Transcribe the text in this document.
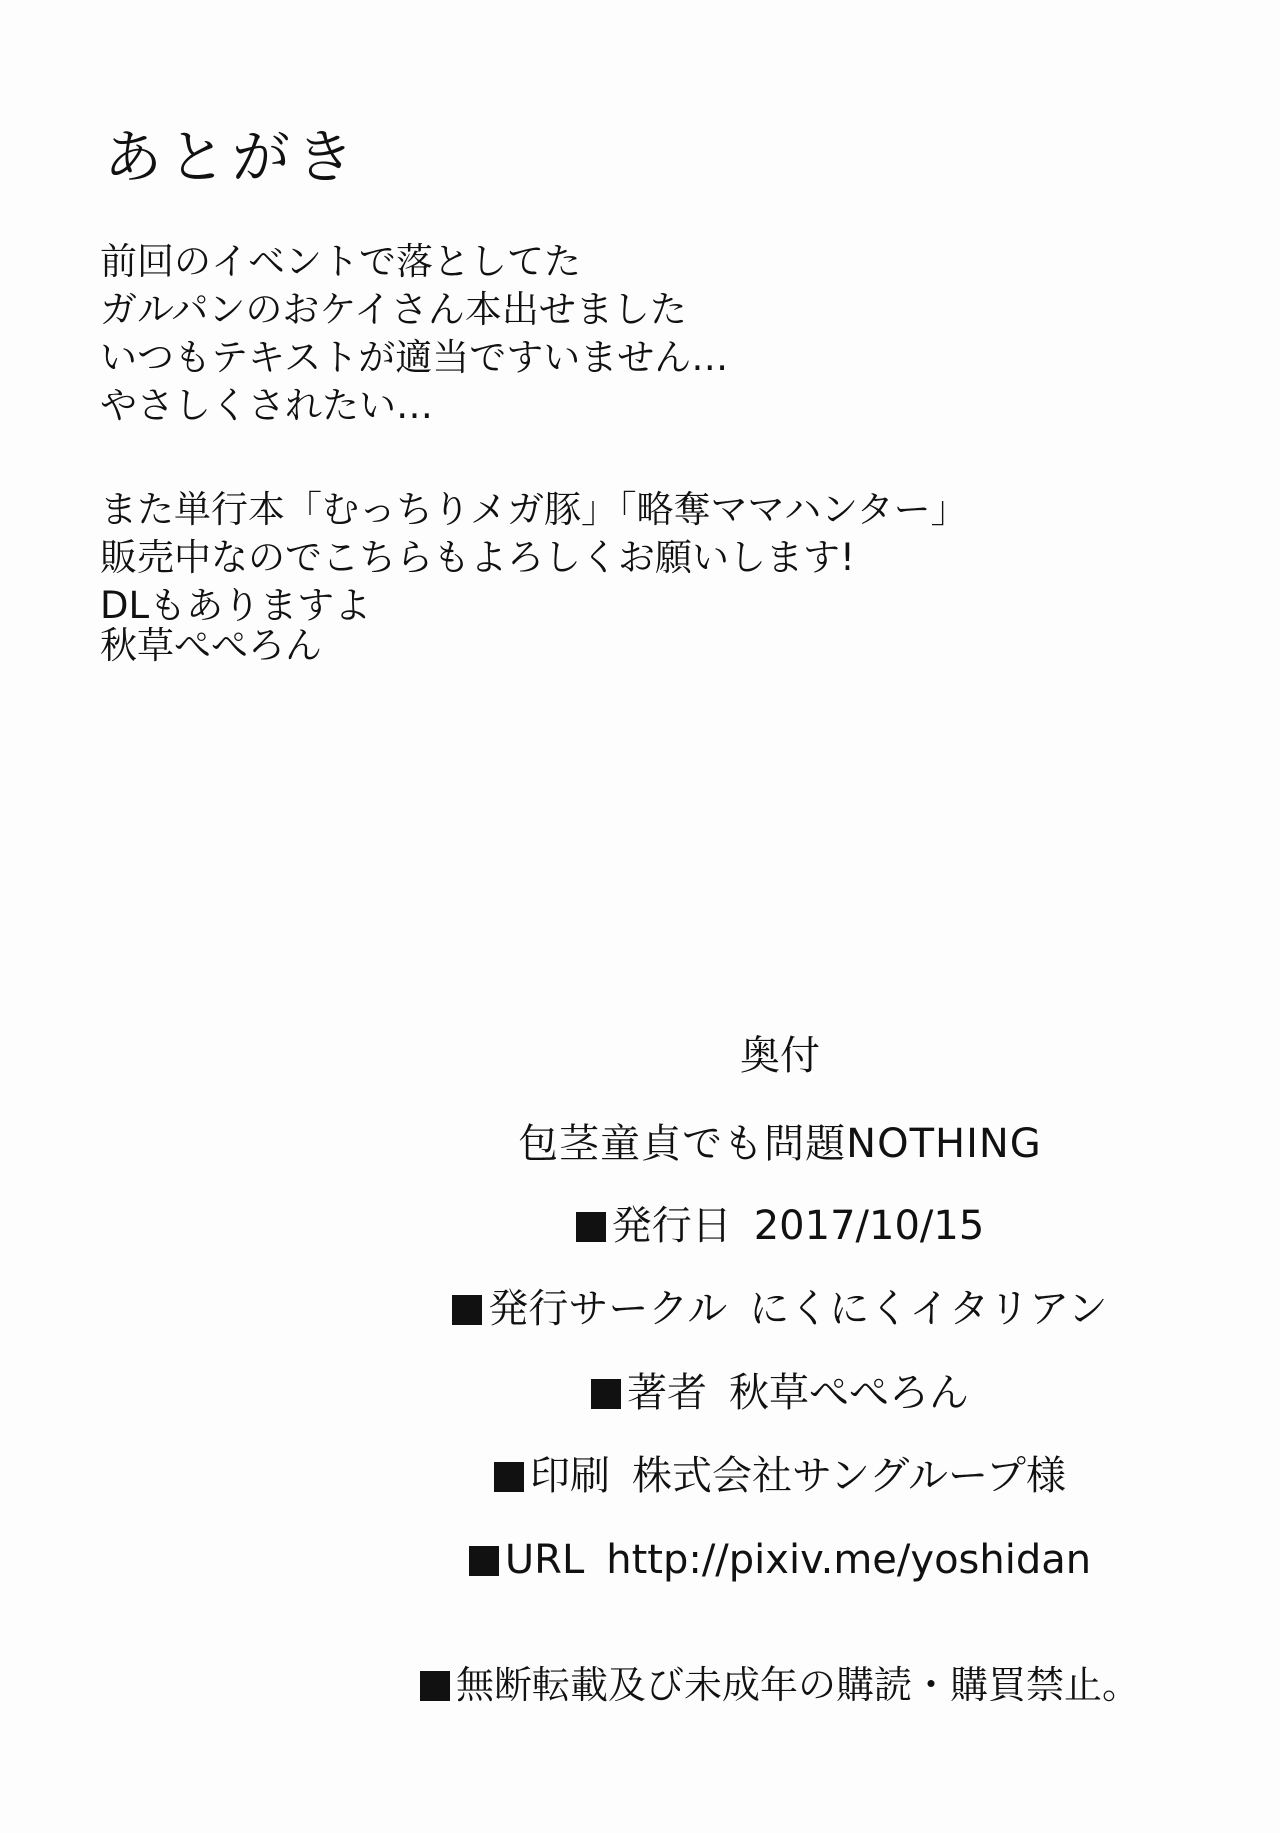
あとがき

前回のイベントで落としてた
ガルパンのおケイさん本出せました
いつもテキストが適当ですいません…
やさしくされたい…

また単行本「むっちりメガ豚」「略奪ママハンター」
販売中なのでこちらもよろしくお願いします!
DLもありますよ

秋草ぺぺろん

奥付
包茎童貞でも問題NOTHING
発行日 2017/10/15
発行サークル にくにくイタリアン
著者 秋草ぺぺろん
印刷 株式会社サングループ様
URL http://pixiv.me/yoshidan
無断転載及び未成年の購読・購買禁止。
